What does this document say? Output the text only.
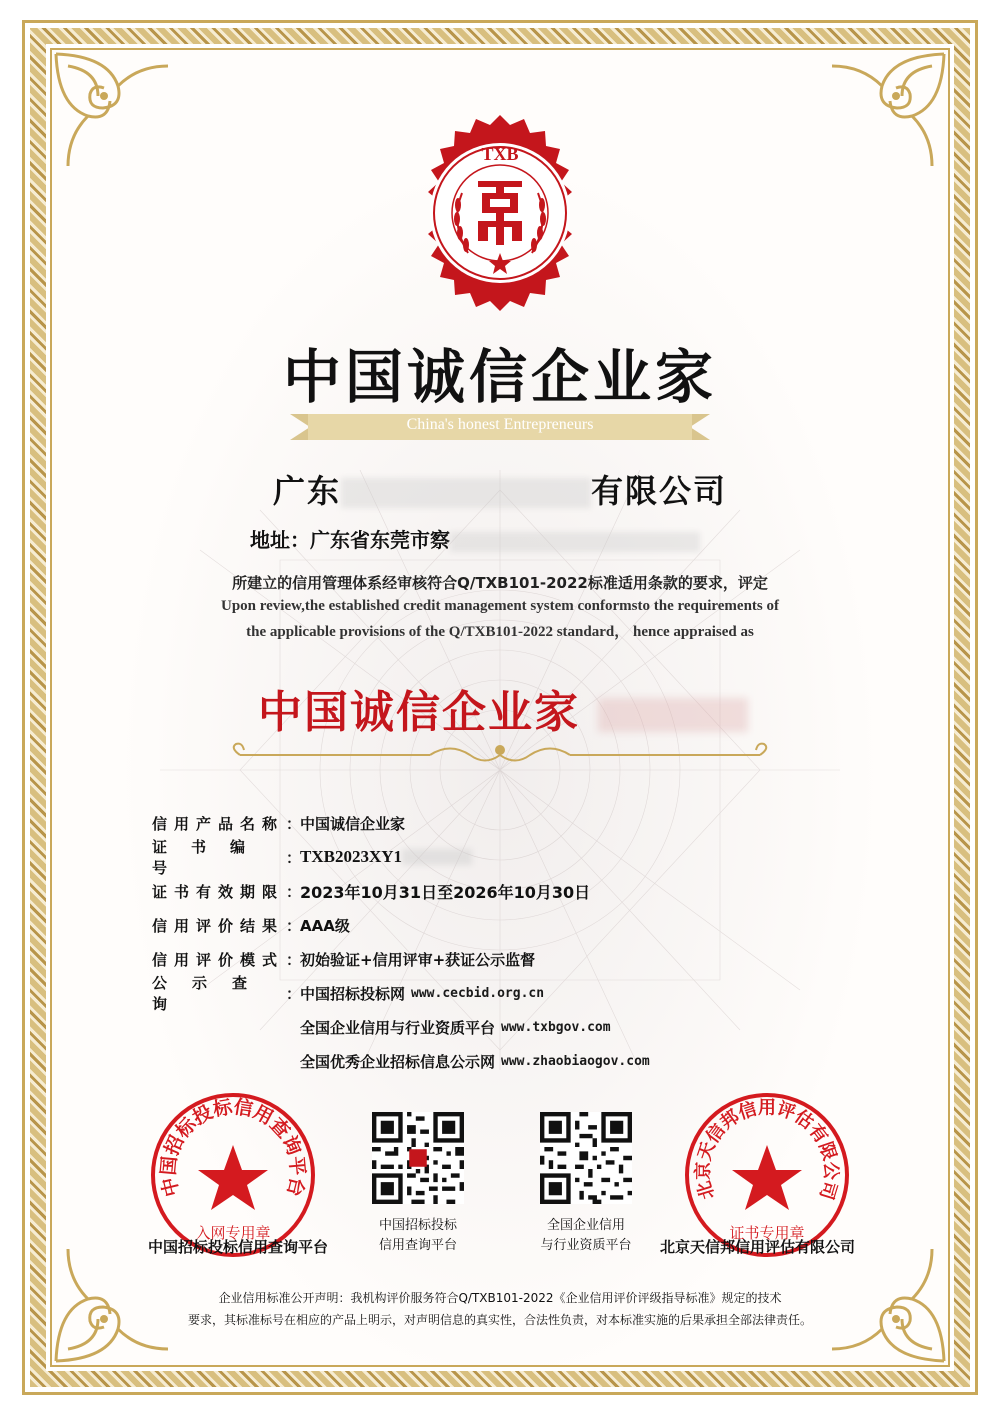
TXB
中国诚信企业家
China's honest Entrepreneurs
广东	有限公司
地址：广东省东莞市察
所建立的信用管理体系经审核符合Q/TXB101-2022标准适用条款的要求，评定
Upon review,the established credit management system conformsto the requirements of
the applicable provisions of the Q/TXB101-2022 standard， hence appraised as
中国诚信企业家
信用产品名称 ：
中国诚信企业家
证书编号
：
TXB2023XY1
证书有效期限 ：
2023年10月31日至2026年10月30日
信用评价结果 ：
AAA级
信用评价模式 ：
初始验证+信用评审+获证公示监督
公示查询
：
中国招标投标网 www.cecbid.org.cn
全国企业信用与行业资质平台 www.txbgov.com
全国优秀企业招标信息公示网 www.zhaobiaogov.com
中国招标投标信用查询平台
入网专用章
中国招标投标信用查询平台
中国招标投标
信用查询平台
全国企业信用
与行业资质平台
北京天信邦信用评估有限公司
证书专用章
北京天信邦信用评估有限公司
企业信用标准公开声明：我机构评价服务符合Q/TXB101-2022《企业信用评价评级指导标准》规定的技术
要求，其标准标号在相应的产品上明示，对声明信息的真实性，合法性负责，对本标准实施的后果承担全部法律责任。
